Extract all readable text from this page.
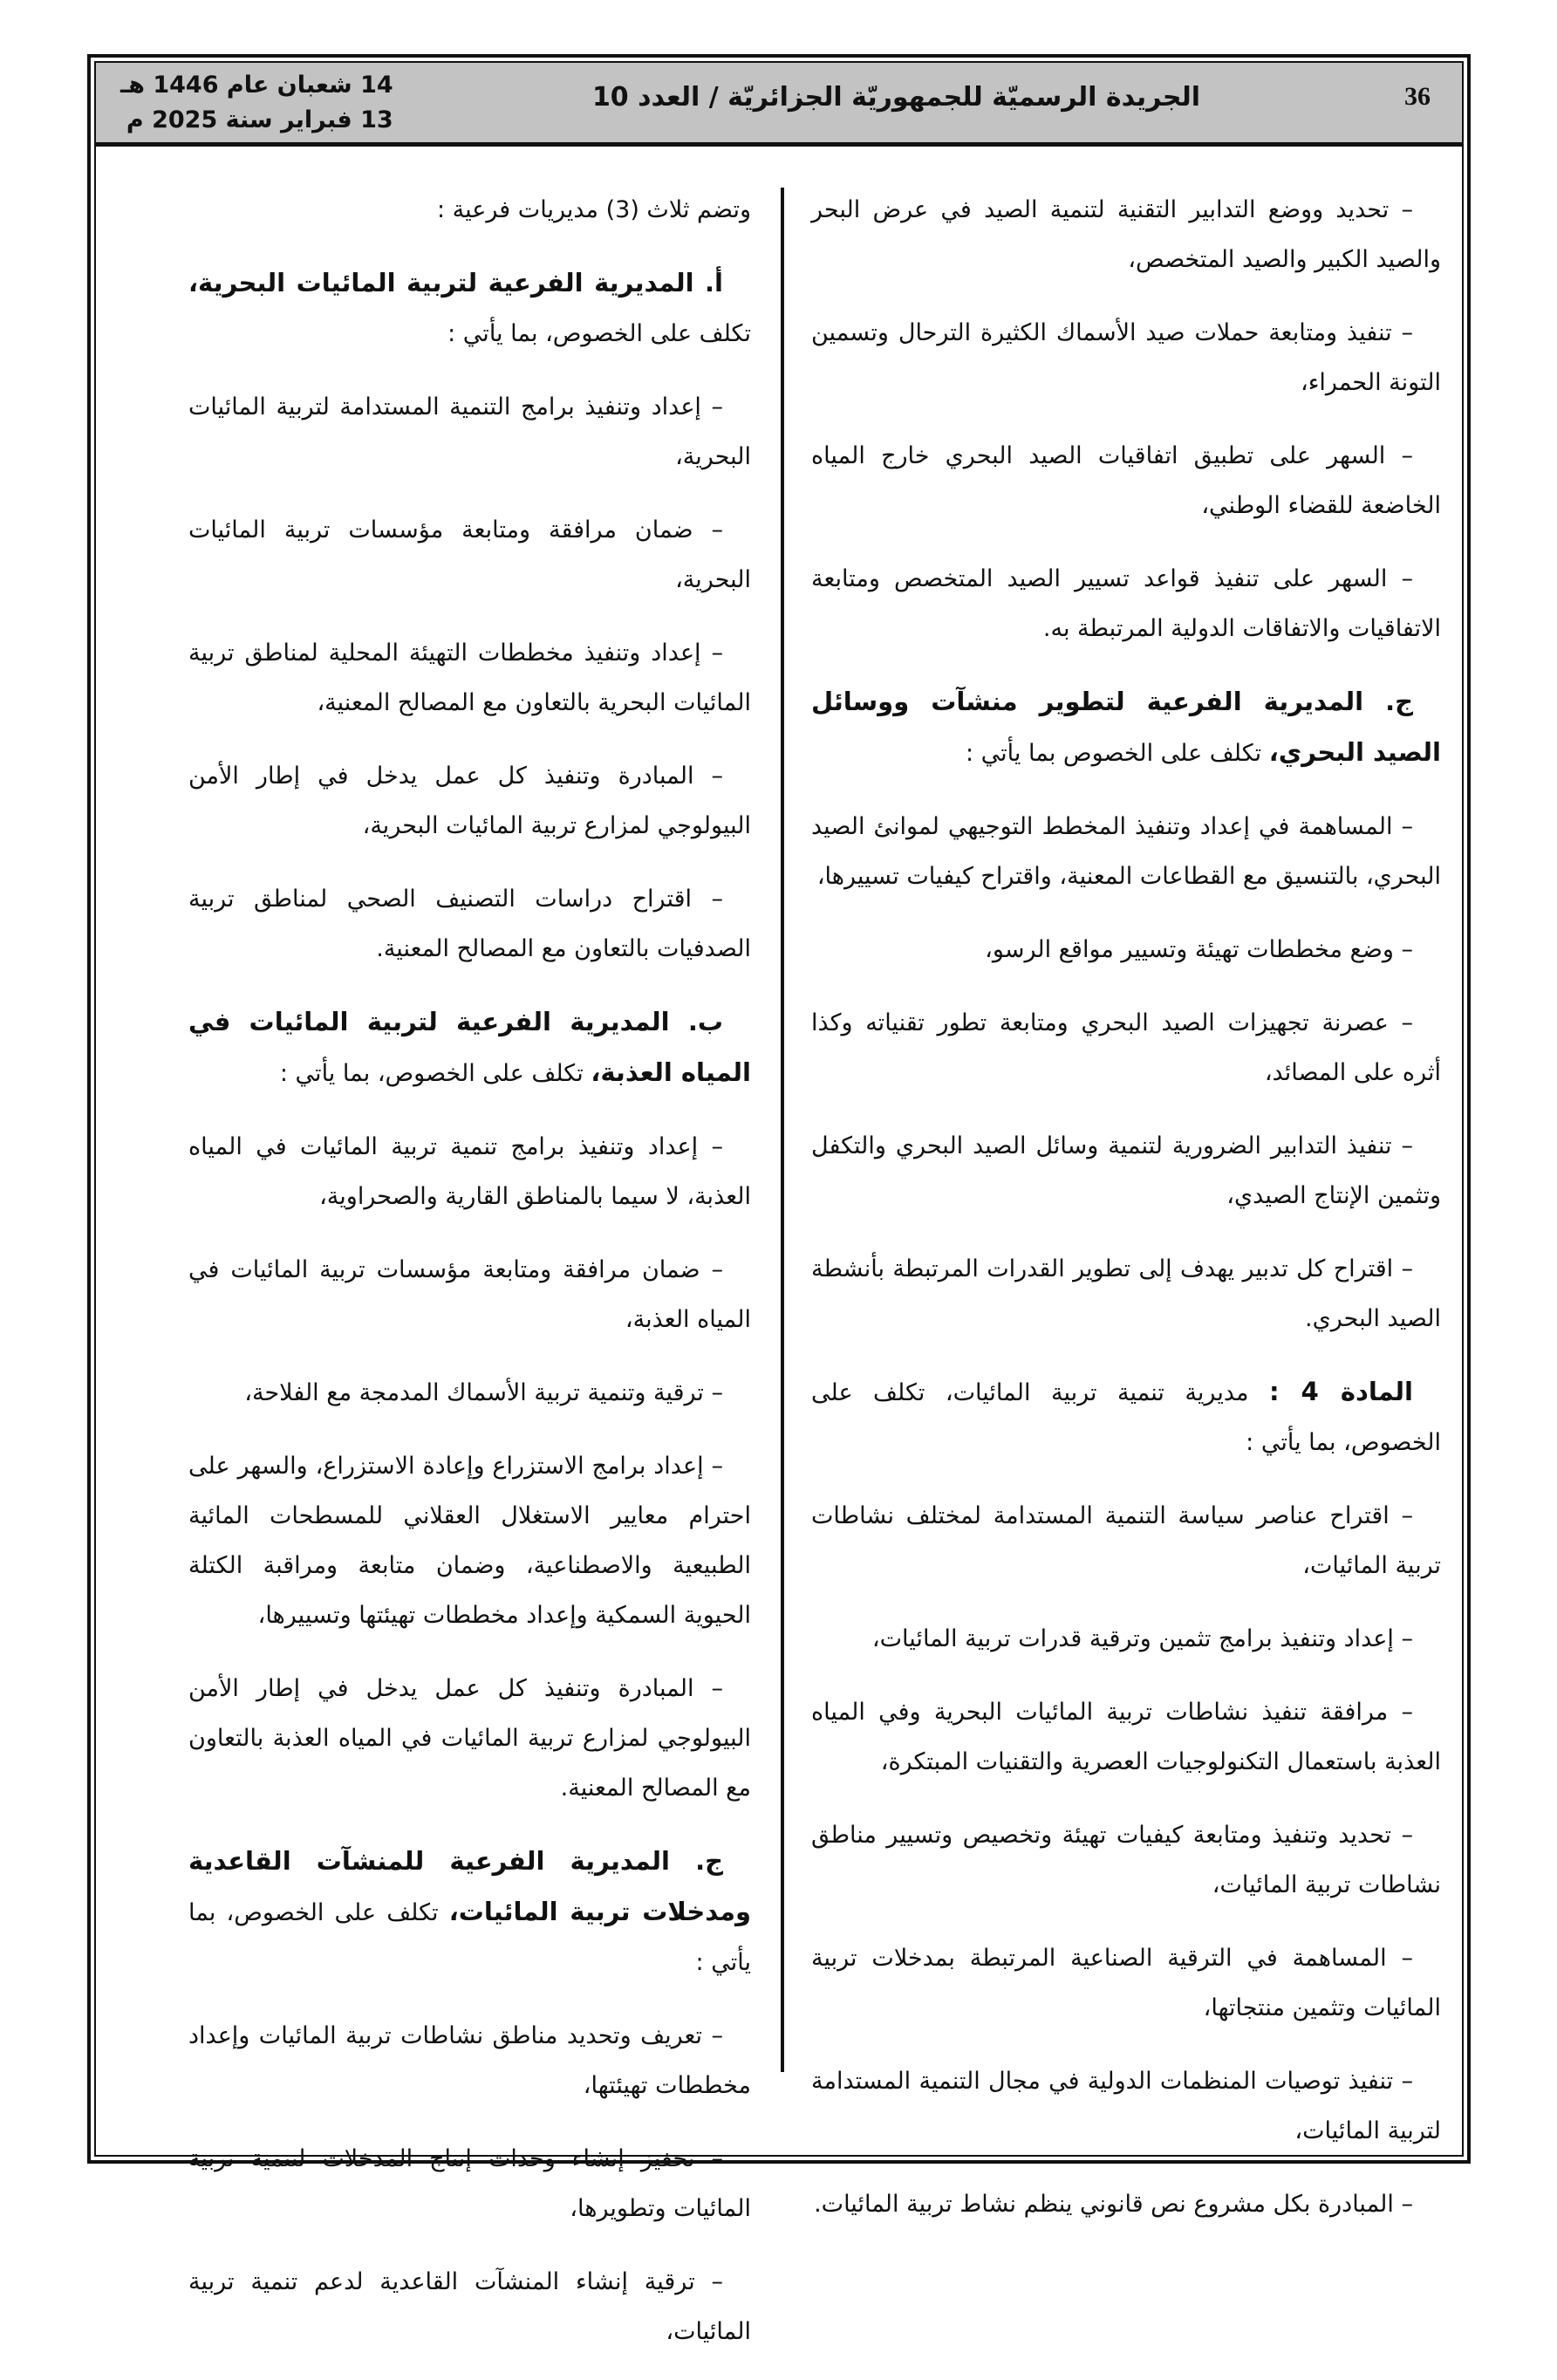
36
الجريدة الرسميّة للجمهوريّة الجزائريّة / العدد 10
14 شعبان عام 1446 هـ
13 فبراير سنة 2025 م

– تحديد ووضع التدابير التقنية لتنمية الصيد في عرض البحر والصيد الكبير والصيد المتخصص،

– تنفيذ ومتابعة حملات صيد الأسماك الكثيرة الترحال وتسمين التونة الحمراء،

– السهر على تطبيق اتفاقيات الصيد البحري خارج المياه الخاضعة للقضاء الوطني،

– السهر على تنفيذ قواعد تسيير الصيد المتخصص ومتابعة الاتفاقيات والاتفاقات الدولية المرتبطة به.

ج. المديرية الفرعية لتطوير منشآت ووسائل الصيد البحري، تكلف على الخصوص بما يأتي :

– المساهمة في إعداد وتنفيذ المخطط التوجيهي لموانئ الصيد البحري، بالتنسيق مع القطاعات المعنية، واقتراح كيفيات تسييرها،

– وضع مخططات تهيئة وتسيير مواقع الرسو،

– عصرنة تجهيزات الصيد البحري ومتابعة تطور تقنياته وكذا أثره على المصائد،

– تنفيذ التدابير الضرورية لتنمية وسائل الصيد البحري والتكفل وتثمين الإنتاج الصيدي،

– اقتراح كل تدبير يهدف إلى تطوير القدرات المرتبطة بأنشطة الصيد البحري.

المادة 4 : مديرية تنمية تربية المائيات، تكلف على الخصوص، بما يأتي :

– اقتراح عناصر سياسة التنمية المستدامة لمختلف نشاطات تربية المائيات،

– إعداد وتنفيذ برامج تثمين وترقية قدرات تربية المائيات،

– مرافقة تنفيذ نشاطات تربية المائيات البحرية وفي المياه العذبة باستعمال التكنولوجيات العصرية والتقنيات المبتكرة،

– تحديد وتنفيذ ومتابعة كيفيات تهيئة وتخصيص وتسيير مناطق نشاطات تربية المائيات،

– المساهمة في الترقية الصناعية المرتبطة بمدخلات تربية المائيات وتثمين منتجاتها،

– تنفيذ توصيات المنظمات الدولية في مجال التنمية المستدامة لتربية المائيات،

– المبادرة بكل مشروع نص قانوني ينظم نشاط تربية المائيات.

وتضم ثلاث (3) مديريات فرعية :

أ. المديرية الفرعية لتربية المائيات البحرية، تكلف على الخصوص، بما يأتي :

– إعداد وتنفيذ برامج التنمية المستدامة لتربية المائيات البحرية،

– ضمان مرافقة ومتابعة مؤسسات تربية المائيات البحرية،

– إعداد وتنفيذ مخططات التهيئة المحلية لمناطق تربية المائيات البحرية بالتعاون مع المصالح المعنية،

– المبادرة وتنفيذ كل عمل يدخل في إطار الأمن البيولوجي لمزارع تربية المائيات البحرية،

– اقتراح دراسات التصنيف الصحي لمناطق تربية الصدفيات بالتعاون مع المصالح المعنية.

ب. المديرية الفرعية لتربية المائيات في المياه العذبة، تكلف على الخصوص، بما يأتي :

– إعداد وتنفيذ برامج تنمية تربية المائيات في المياه العذبة، لا سيما بالمناطق القارية والصحراوية،

– ضمان مرافقة ومتابعة مؤسسات تربية المائيات في المياه العذبة،

– ترقية وتنمية تربية الأسماك المدمجة مع الفلاحة،

– إعداد برامج الاستزراع وإعادة الاستزراع، والسهر على احترام معايير الاستغلال العقلاني للمسطحات المائية الطبيعية والاصطناعية، وضمان متابعة ومراقبة الكتلة الحيوية السمكية وإعداد مخططات تهيئتها وتسييرها،

– المبادرة وتنفيذ كل عمل يدخل في إطار الأمن البيولوجي لمزارع تربية المائيات في المياه العذبة بالتعاون مع المصالح المعنية.

ج. المديرية الفرعية للمنشآت القاعدية ومدخلات تربية المائيات، تكلف على الخصوص، بما يأتي :

– تعريف وتحديد مناطق نشاطات تربية المائيات وإعداد مخططات تهيئتها،

– تحفيز إنشاء وحدات إنتاج المدخلات لتنمية تربية المائيات وتطويرها،

– ترقية إنشاء المنشآت القاعدية لدعم تنمية تربية المائيات،
